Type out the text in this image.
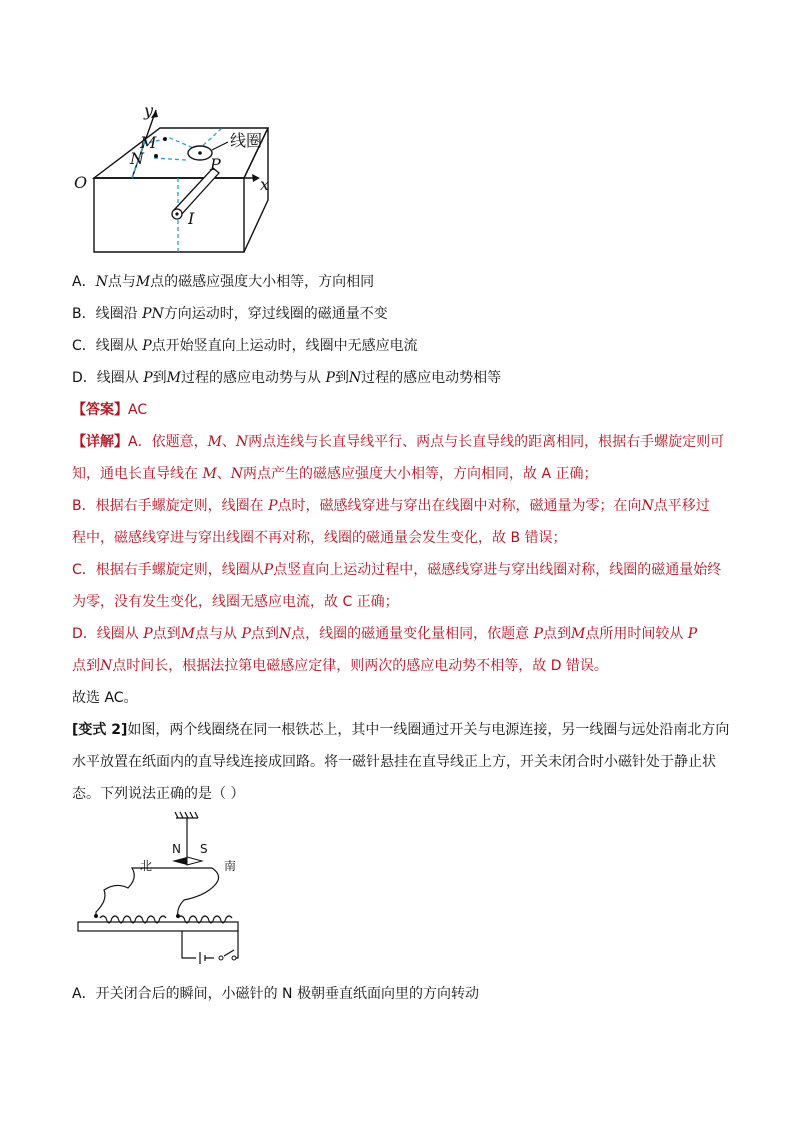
y
M
N
O
P
x
I
线圈
A．N点与M点的磁感应强度大小相等，方向相同
B．线圈沿 PN方向运动时，穿过线圈的磁通量不变
C．线圈从 P点开始竖直向上运动时，线圈中无感应电流
D．线圈从 P到M过程的感应电动势与从 P到N过程的感应电动势相等
【答案】AC
【详解】A．依题意，M、N两点连线与长直导线平行、两点与长直导线的距离相同，根据右手螺旋定则可
知，通电长直导线在 M、N两点产生的磁感应强度大小相等，方向相同，故 A 正确；
B．根据右手螺旋定则，线圈在 P点时，磁感线穿进与穿出在线圈中对称，磁通量为零；在向N点平移过
程中，磁感线穿进与穿出线圈不再对称，线圈的磁通量会发生变化，故 B 错误；
C．根据右手螺旋定则，线圈从P点竖直向上运动过程中，磁感线穿进与穿出线圈对称，线圈的磁通量始终
为零，没有发生变化，线圈无感应电流，故 C 正确；
D．线圈从 P点到M点与从 P点到N点，线圈的磁通量变化量相同，依题意 P点到M点所用时间较从 P
点到N点时间长，根据法拉第电磁感应定律，则两次的感应电动势不相等，故 D 错误。
故选 AC。
[变式 2]如图，两个线圈绕在同一根铁芯上，其中一线圈通过开关与电源连接，另一线圈与远处沿南北方向
水平放置在纸面内的直导线连接成回路。将一磁针悬挂在直导线正上方，开关未闭合时小磁针处于静止状
态。下列说法正确的是（ ）
N S
北	南
A．开关闭合后的瞬间，小磁针的 N 极朝垂直纸面向里的方向转动
